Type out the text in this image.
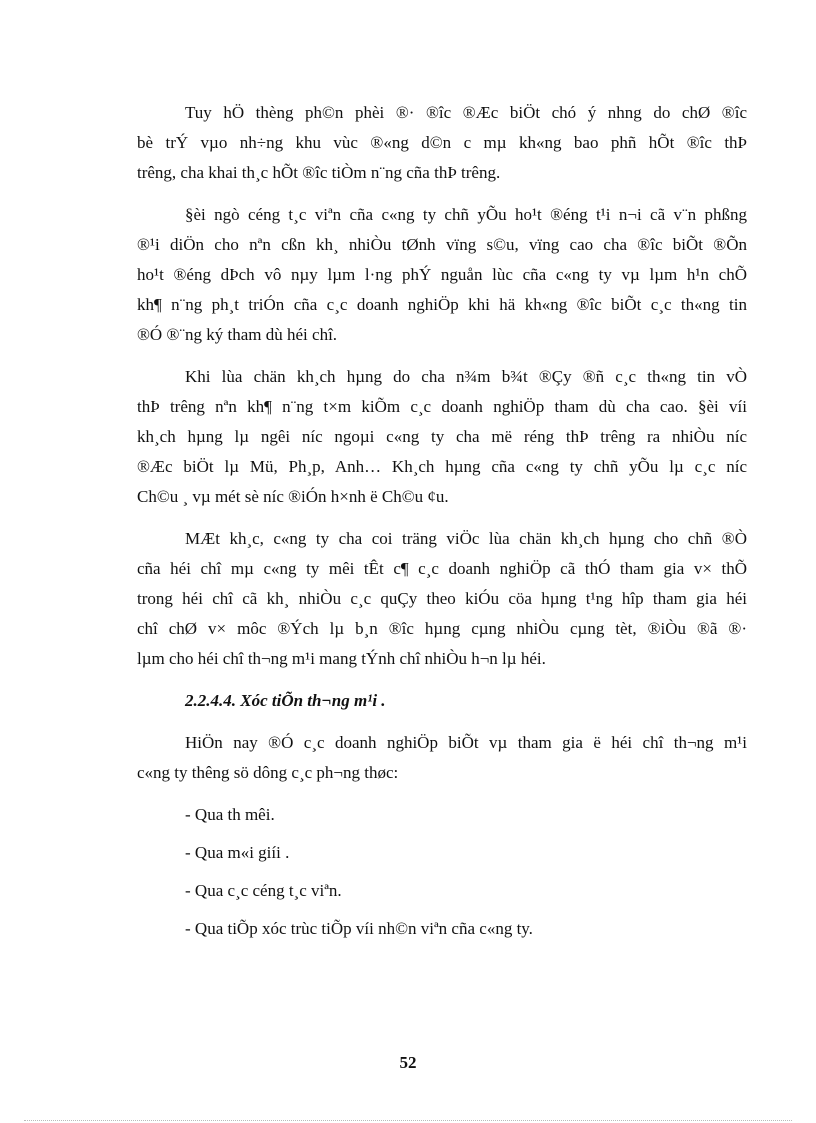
Tuy hÖ thèng ph©n phèi ®· ®îc ®Æc biÖt chó ý nhng do chØ ®îc
bè trÝ vµo nh÷ng khu vùc ®«ng d©n c mµ kh«ng bao phñ hÕt ®îc thÞ
trêng, cha khai th¸c hÕt ®îc tiÒm n¨ng cña thÞ trêng.

§èi ngò céng t¸c viªn cña c«ng ty chñ yÕu ho¹t ®éng t¹i n¬i cã v¨n phßng
®¹i diÖn cho nªn cßn kh¸ nhiÒu tØnh vïng s©u, vïng cao cha ®îc biÕt ®Õn
ho¹t ®éng dÞch vô nµy lµm l·ng phÝ nguån lùc cña c«ng ty vµ lµm h¹n chÕ
kh¶ n¨ng ph¸t triÓn cña c¸c doanh nghiÖp khi hä kh«ng ®îc biÕt c¸c th«ng tin
®Ó ®¨ng ký tham dù héi chî.

Khi lùa chän kh¸ch hµng do cha n¾m b¾t ®Çy ®ñ c¸c th«ng tin vÒ
thÞ trêng nªn kh¶ n¨ng t×m kiÕm c¸c doanh nghiÖp tham dù cha cao. §èi víi
kh¸ch hµng lµ ngêi níc ngoµi c«ng ty cha më réng thÞ trêng ra nhiÒu níc
®Æc biÖt lµ Mü, Ph¸p, Anh… Kh¸ch hµng cña c«ng ty chñ yÕu lµ c¸c níc
Ch©u ¸ vµ mét sè níc ®iÓn h×nh ë Ch©u ¢u.

MÆt kh¸c, c«ng ty cha coi träng viÖc lùa chän kh¸ch hµng cho chñ ®Ò
cña héi chî mµ c«ng ty mêi tÊt c¶ c¸c doanh nghiÖp cã thÓ tham gia v× thÕ
trong héi chî cã kh¸ nhiÒu c¸c quÇy theo kiÓu cöa hµng t¹ng hîp tham gia héi
chî chØ v× môc ®Ých lµ b¸n ®îc hµng cµng nhiÒu cµng tèt, ®iÒu ®ã ®·
lµm cho héi chî th¬ng m¹i mang tÝnh chî nhiÒu h¬n lµ héi.

2.2.4.4. Xóc tiÕn th¬ng m¹i .

HiÖn nay ®Ó c¸c doanh nghiÖp biÕt vµ tham gia ë héi chî th¬ng m¹i
c«ng ty thêng sö dông c¸c ph¬ng thøc:

- Qua th mêi.

- Qua m«i giíi .

- Qua c¸c céng t¸c viªn.

- Qua tiÕp xóc trùc tiÕp víi nh©n viªn cña c«ng ty.

52
